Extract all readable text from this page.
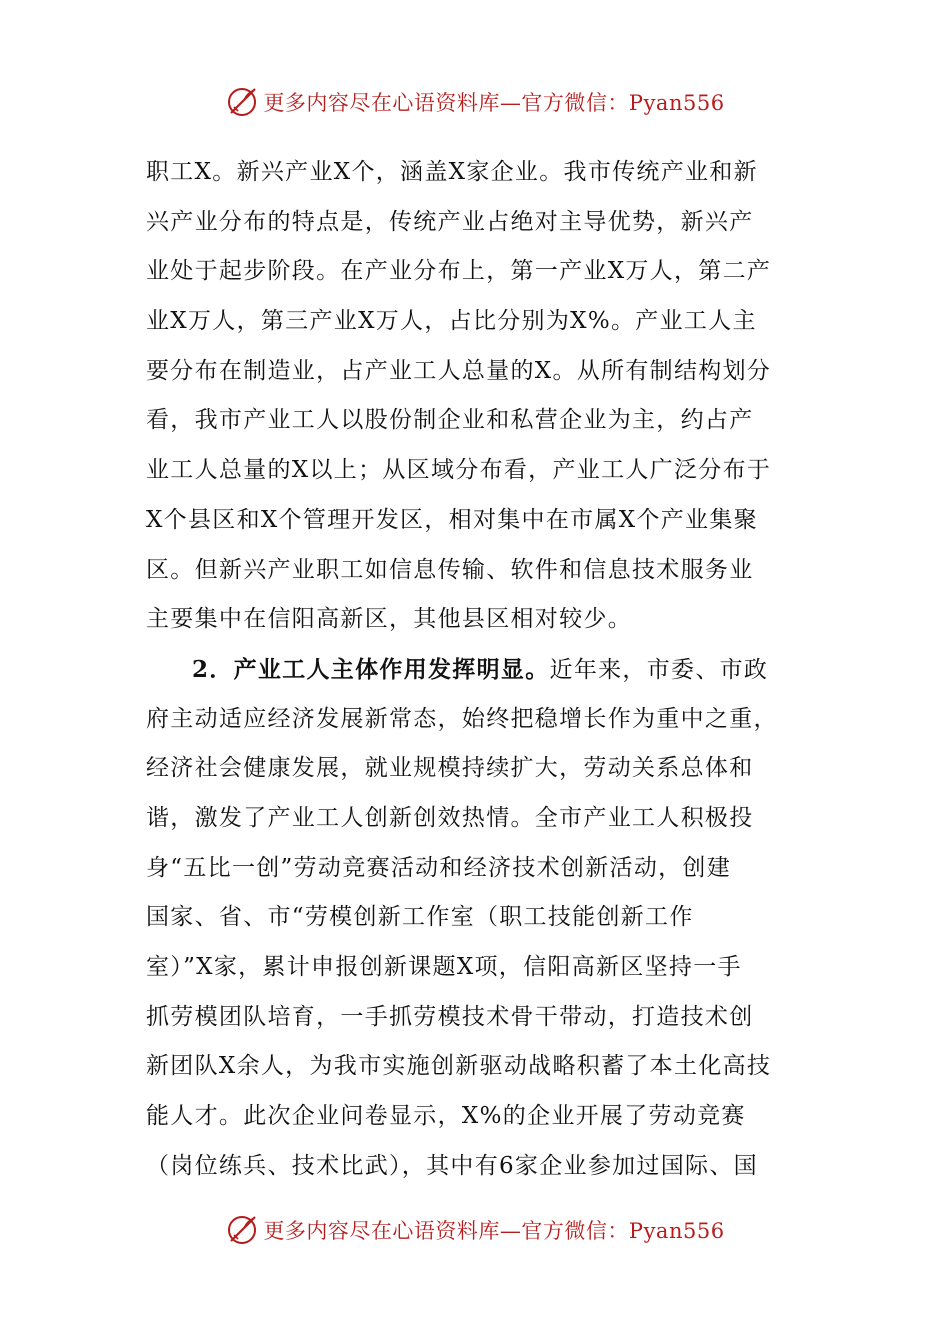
更多内容尽在心语资料库—官方微信：Pyan556
职工X。新兴产业X个，涵盖X家企业。我市传统产业和新
兴产业分布的特点是，传统产业占绝对主导优势，新兴产
业处于起步阶段。在产业分布上，第一产业X万人，第二产
业X万人，第三产业X万人，占比分别为X%。产业工人主
要分布在制造业，占产业工人总量的X。从所有制结构划分
看，我市产业工人以股份制企业和私营企业为主，约占产
业工人总量的X以上；从区域分布看，产业工人广泛分布于
X个县区和X个管理开发区，相对集中在市属X个产业集聚
区。但新兴产业职工如信息传输、软件和信息技术服务业
主要集中在信阳高新区，其他县区相对较少。
2．产业工人主体作用发挥明显。近年来，市委、市政
府主动适应经济发展新常态，始终把稳增长作为重中之重，
经济社会健康发展，就业规模持续扩大，劳动关系总体和
谐，激发了产业工人创新创效热情。全市产业工人积极投
身“五比一创”劳动竞赛活动和经济技术创新活动，创建
国家、省、市“劳模创新工作室（职工技能创新工作
室）”X家，累计申报创新课题X项，信阳高新区坚持一手
抓劳模团队培育，一手抓劳模技术骨干带动，打造技术创
新团队X余人，为我市实施创新驱动战略积蓄了本土化高技
能人才。此次企业问卷显示，X%的企业开展了劳动竞赛
（岗位练兵、技术比武），其中有6家企业参加过国际、国
更多内容尽在心语资料库—官方微信：Pyan556
